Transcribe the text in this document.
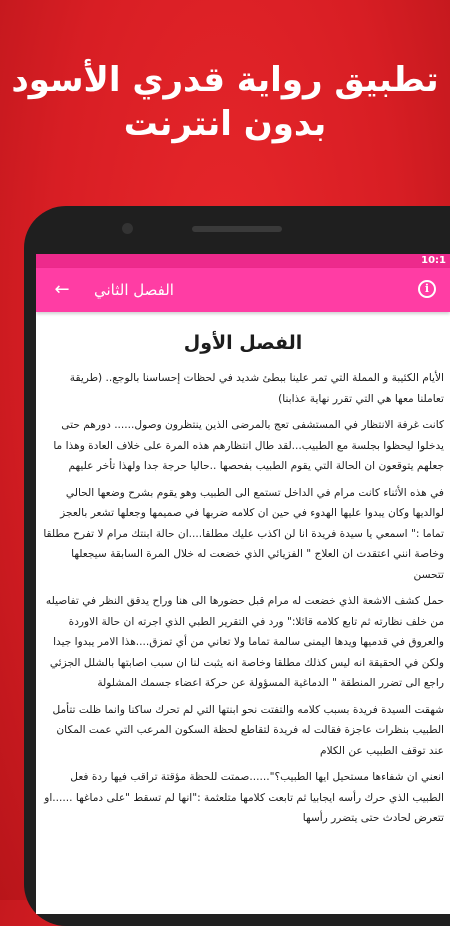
تطبيق رواية قدري الأسود
بدون انترنت
10:1
← الفصل الثاني	i
الفصل الأول

الأيام الكئيبة و المملة التي تمر علينا ببطئ شديد في لحظات إحساسنا بالوجع.. (طريقة تعاملنا معها هي التي تقرر نهاية عذابنا)

كانت غرفة الانتظار في المستشفى تعج بالمرضى الذين ينتظرون وصول...... دورهم حتى يدخلوا ليحظوا بجلسة مع الطبيب...لقد طال انتظارهم هذه المرة على خلاف العادة وهذا ما جعلهم يتوقعون ان الحالة التي يقوم الطبيب بفحصها ..حاليا حرجة جدا ولهذا تأخر عليهم

في هذه الأثناء كانت مرام في الداخل تستمع الى الطبيب وهو يقوم بشرح وضعها الحالي لوالديها وكان يبدوا عليها الهدوء في حين ان كلامه ضربها في صميمها وجعلها تشعر بالعجز تماما :" اسمعي يا سيدة فريدة انا لن اكذب عليك مطلقا....ان حالة ابنتك مرام لا تفرح مطلقا وخاصة انني اعتقدت ان العلاج " الفزيائي الذي خضعت له خلال المرة السابقة سيجعلها تتحسن

حمل كشف الاشعة الذي خضعت له مرام قبل حضورها الى هنا وراح يدقق النظر في تفاصيله من خلف نظارته ثم تابع كلامه قائلا:" ورد في التقرير الطبي الذي اجرته ان حالة الاوردة والعروق في قدميها ويدها اليمنى سالمة تماما ولا تعاني من أي تمزق....هذا الامر يبدوا جيدا ولكن في الحقيقة انه ليس كذلك مطلقا وخاصة انه يثبت لنا ان سبب اصابتها بالشلل الجزئي راجع الى تضرر المنطقة " الدماغية المسؤولة عن حركة اعضاء جسمك المشلولة

شهقت السيدة فريدة بسبب كلامه والتفتت نحو ابنتها التي لم تحرك ساكنا وانما ظلت تتأمل الطبيب بنظرات عاجزة فقالت له فريدة لتقاطع لحظة السكون المرعب التي عمت المكان عند توقف الطبيب عن الكلام

انعني ان شفاءها مستحيل ايها الطبيب؟"......صمتت للحظة مؤقتة تراقب فيها ردة فعل الطبيب الذي حرك رأسه ايجابيا ثم تابعت كلامها متلعثمة :"انها لم تسقط "على دماغها ......او تتعرض لحادث حتى يتضرر رأسها
